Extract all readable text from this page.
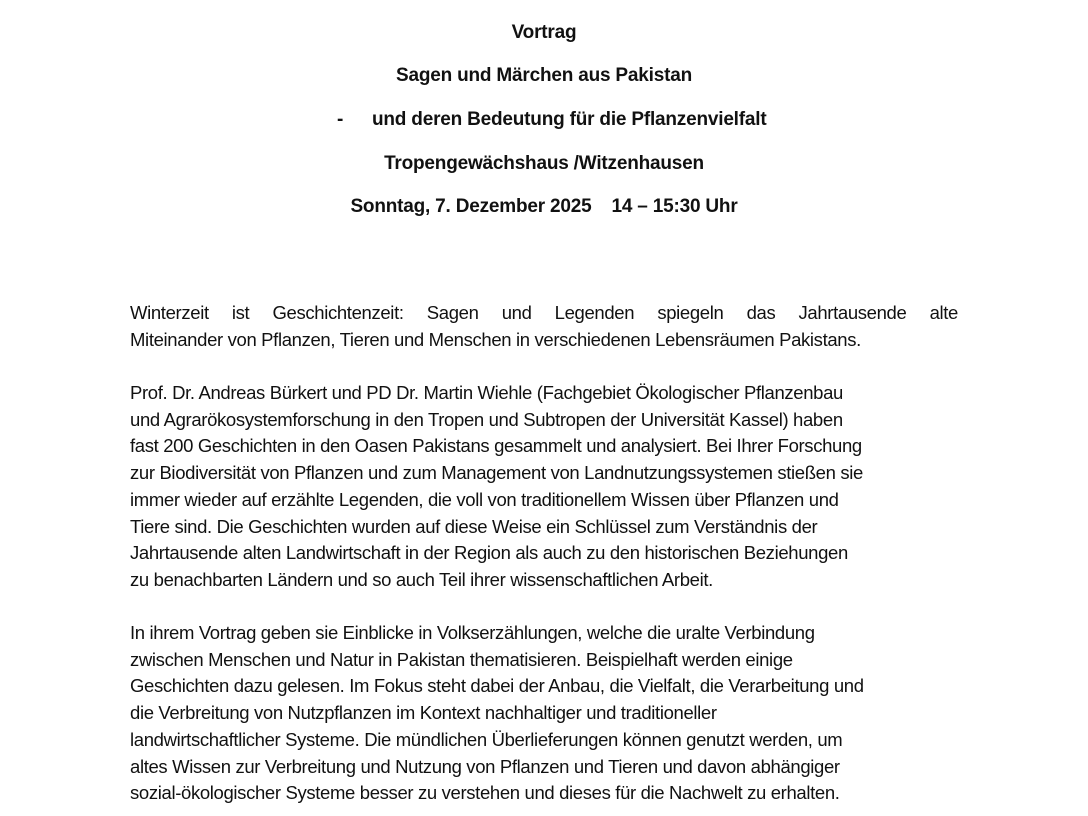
Vortrag
Sagen und Märchen aus Pakistan
- und deren Bedeutung für die Pflanzenvielfalt
Tropengewächshaus /Witzenhausen
Sonntag, 7. Dezember 2025 14 – 15:30 Uhr
Winterzeit ist Geschichtenzeit: Sagen und Legenden spiegeln das Jahrtausende alte
Miteinander von Pflanzen, Tieren und Menschen in verschiedenen Lebensräumen Pakistans.
Prof. Dr. Andreas Bürkert und PD Dr. Martin Wiehle (Fachgebiet Ökologischer Pflanzenbau
und Agrarökosystemforschung in den Tropen und Subtropen der Universität Kassel) haben
fast 200 Geschichten in den Oasen Pakistans gesammelt und analysiert. Bei Ihrer Forschung
zur Biodiversität von Pflanzen und zum Management von Landnutzungssystemen stießen sie
immer wieder auf erzählte Legenden, die voll von traditionellem Wissen über Pflanzen und
Tiere sind. Die Geschichten wurden auf diese Weise ein Schlüssel zum Verständnis der
Jahrtausende alten Landwirtschaft in der Region als auch zu den historischen Beziehungen
zu benachbarten Ländern und so auch Teil ihrer wissenschaftlichen Arbeit.
In ihrem Vortrag geben sie Einblicke in Volkserzählungen, welche die uralte Verbindung
zwischen Menschen und Natur in Pakistan thematisieren. Beispielhaft werden einige
Geschichten dazu gelesen. Im Fokus steht dabei der Anbau, die Vielfalt, die Verarbeitung und
die Verbreitung von Nutzpflanzen im Kontext nachhaltiger und traditioneller
landwirtschaftlicher Systeme. Die mündlichen Überlieferungen können genutzt werden, um
altes Wissen zur Verbreitung und Nutzung von Pflanzen und Tieren und davon abhängiger
sozial-ökologischer Systeme besser zu verstehen und dieses für die Nachwelt zu erhalten.
